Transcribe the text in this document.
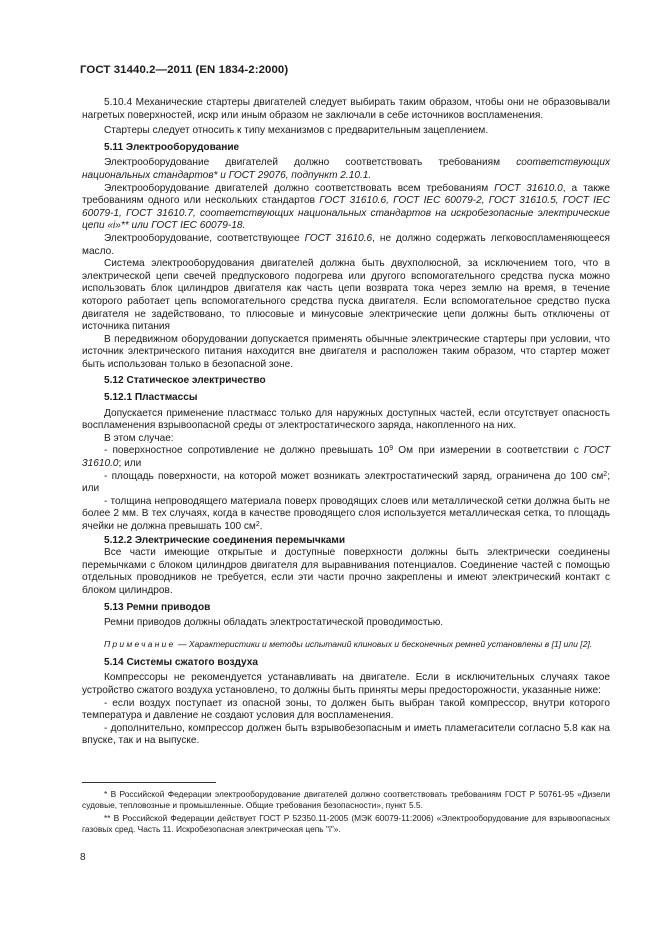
ГОСТ 31440.2—2011 (EN 1834-2:2000)

5.10.4 Механические стартеры двигателей следует выбирать таким образом, чтобы они не образовывали нагретых поверхностей, искр или иным образом не заключали в себе источников воспламенения.

Стартеры следует относить к типу механизмов с предварительным зацеплением.

5.11 Электрооборудование

Электрооборудование двигателей должно соответствовать требованиям соответствующих национальных стандартов* и ГОСТ 29076, подпункт 2.10.1.

Электрооборудование двигателей должно соответствовать всем требованиям ГОСТ 31610.0, а также требованиям одного или нескольких стандартов ГОСТ 31610.6, ГОСТ IEC 60079-2, ГОСТ 31610.5, ГОСТ IEC 60079-1, ГОСТ 31610.7, соответствующих национальных стандартов на искробезопасные электрические цепи «i»** или ГОСТ IEC 60079-18.

Электрооборудование, соответствующее ГОСТ 31610.6, не должно содержать легковоспламеняющееся масло.

Система электрооборудования двигателей должна быть двухполюсной, за исключением того, что в электрической цепи свечей предпускового подогрева или другого вспомогательного средства пуска можно использовать блок цилиндров двигателя как часть цепи возврата тока через землю на время, в течение которого работает цепь вспомогательного средства пуска двигателя. Если вспомогательное средство пуска двигателя не задействовано, то плюсовые и минусовые электрические цепи должны быть отключены от источника питания

В передвижном оборудовании допускается применять обычные электрические стартеры при условии, что источник электрического питания находится вне двигателя и расположен таким образом, что стартер может быть использован только в безопасной зоне.

5.12 Статическое электричество

5.12.1 Пластмассы

Допускается применение пластмасс только для наружных доступных частей, если отсутствует опасность воспламенения взрывоопасной среды от электростатического заряда, накопленного на них.

В этом случае:

- поверхностное сопротивление не должно превышать $10^9$ Ом при измерении в соответствии с ГОСТ 31610.0; или

- площадь поверхности, на которой может возникать электростатический заряд, ограничена до 100 $см^2$; или

- толщина непроводящего материала поверх проводящих слоев или металлической сетки должна быть не более 2 мм. В тех случаях, когда в качестве проводящего слоя используется металлическая сетка, то площадь ячейки не должна превышать 100 $см^2$.

5.12.2 Электрические соединения перемычками

Все части имеющие открытые и доступные поверхности должны быть электрически соединены перемычками с блоком цилиндров двигателя для выравнивания потенциалов. Соединение частей с помощью отдельных проводников не требуется, если эти части прочно закреплены и имеют электрический контакт с блоком цилиндров.

5.13 Ремни приводов

Ремни приводов должны обладать электростатической проводимостью.

Примечание — Характеристики и методы испытаний клиновых и бесконечных ремней установлены в [1] или [2].

5.14 Системы сжатого воздуха

Компрессоры не рекомендуется устанавливать на двигателе. Если в исключительных случаях такое устройство сжатого воздуха установлено, то должны быть приняты меры предосторожности, указанные ниже:

- если воздух поступает из опасной зоны, то должен быть выбран такой компрессор, внутри которого температура и давление не создают условия для воспламенения.

- дополнительно, компрессор должен быть взрывобезопасным и иметь пламегасители согласно 5.8 как на впуске, так и на выпуске.

* В Российской Федерации электрооборудование двигателей должно соответствовать требованиям ГОСТ Р 50761-95 «Дизели судовые, тепловозные и промышленные. Общие требования безопасности», пункт 5.5.

** В Российской Федерации действует ГОСТ Р 52350.11-2005 (МЭК 60079-11:2006) «Электрооборудование для взрывоопасных газовых сред. Часть 11. Искробезопасная электрическая цепь "i"».

8
